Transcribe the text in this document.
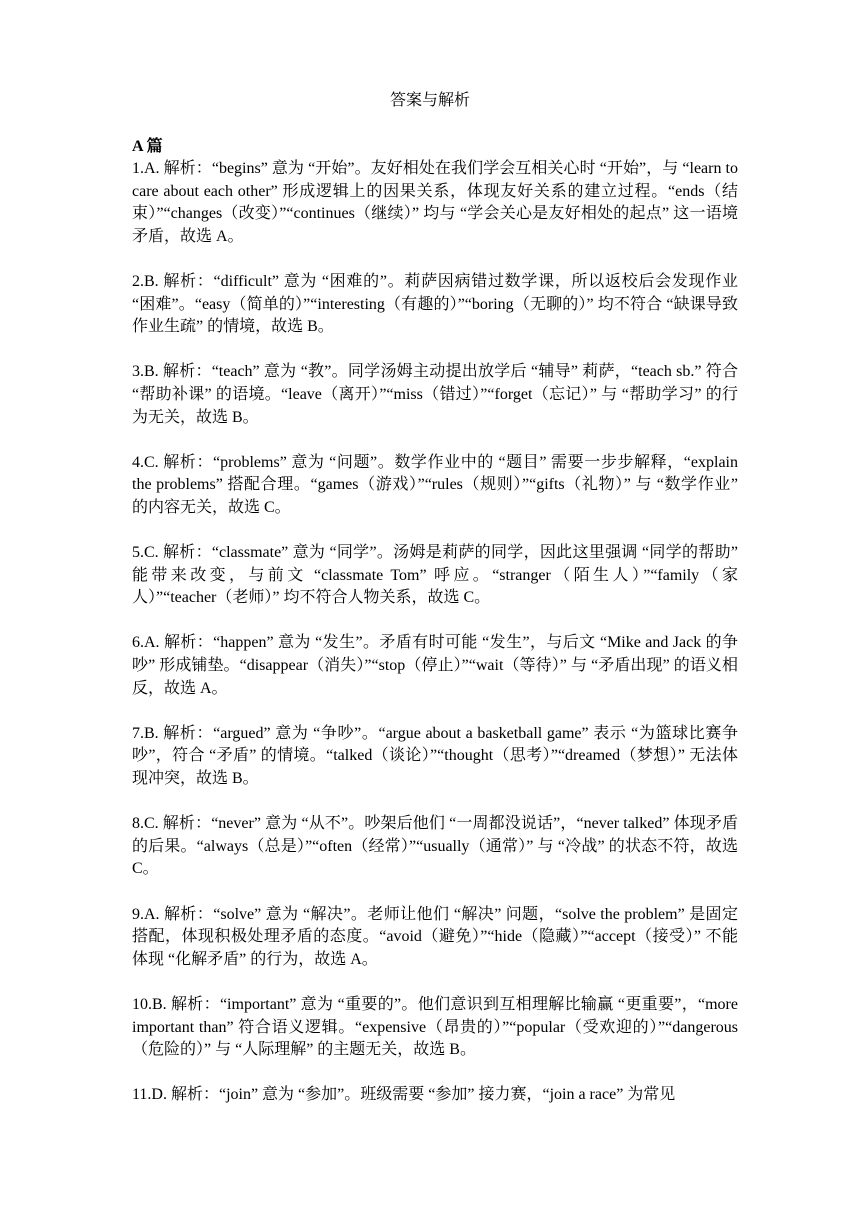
答案与解析
A 篇

1.A. 解析：“begins” 意为 “开始”。友好相处在我们学会互相关心时 “开始”，与 “learn to care about each other” 形成逻辑上的因果关系，体现友好关系的建立过程。“ends（结束）”“changes（改变）”“continues（继续）” 均与 “学会关心是友好相处的起点” 这一语境矛盾，故选 A。

2.B. 解析：“difficult” 意为 “困难的”。莉萨因病错过数学课，所以返校后会发现作业 “困难”。“easy（简单的）”“interesting（有趣的）”“boring（无聊的）” 均不符合 “缺课导致作业生疏” 的情境，故选 B。

3.B. 解析：“teach” 意为 “教”。同学汤姆主动提出放学后 “辅导” 莉萨，“teach sb.” 符合 “帮助补课” 的语境。“leave（离开）”“miss（错过）”“forget（忘记）” 与 “帮助学习” 的行为无关，故选 B。

4.C. 解析：“problems” 意为 “问题”。数学作业中的 “题目” 需要一步步解释，“explain the problems” 搭配合理。“games（游戏）”“rules（规则）”“gifts（礼物）” 与 “数学作业” 的内容无关，故选 C。

5.C. 解析：“classmate” 意为 “同学”。汤姆是莉萨的同学，因此这里强调 “同学的帮助” 能带来改变，与前文 “classmate Tom” 呼应。“stranger（陌生人）”“family（家人）”“teacher（老师）” 均不符合人物关系，故选 C。

6.A. 解析：“happen” 意为 “发生”。矛盾有时可能 “发生”，与后文 “Mike and Jack 的争吵” 形成铺垫。“disappear（消失）”“stop（停止）”“wait（等待）” 与 “矛盾出现” 的语义相反，故选 A。

7.B. 解析：“argued” 意为 “争吵”。“argue about a basketball game” 表示 “为篮球比赛争吵”，符合 “矛盾” 的情境。“talked（谈论）”“thought（思考）”“dreamed（梦想）” 无法体现冲突，故选 B。

8.C. 解析：“never” 意为 “从不”。吵架后他们 “一周都没说话”，“never talked” 体现矛盾的后果。“always（总是）”“often（经常）”“usually（通常）” 与 “冷战” 的状态不符，故选 C。

9.A. 解析：“solve” 意为 “解决”。老师让他们 “解决” 问题，“solve the problem” 是固定搭配，体现积极处理矛盾的态度。“avoid（避免）”“hide（隐藏）”“accept（接受）” 不能体现 “化解矛盾” 的行为，故选 A。

10.B. 解析：“important” 意为 “重要的”。他们意识到互相理解比输赢 “更重要”，“more important than” 符合语义逻辑。“expensive（昂贵的）”“popular（受欢迎的）”“dangerous（危险的）” 与 “人际理解” 的主题无关，故选 B。

11.D. 解析：“join” 意为 “参加”。班级需要 “参加” 接力赛，“join a race” 为常见
